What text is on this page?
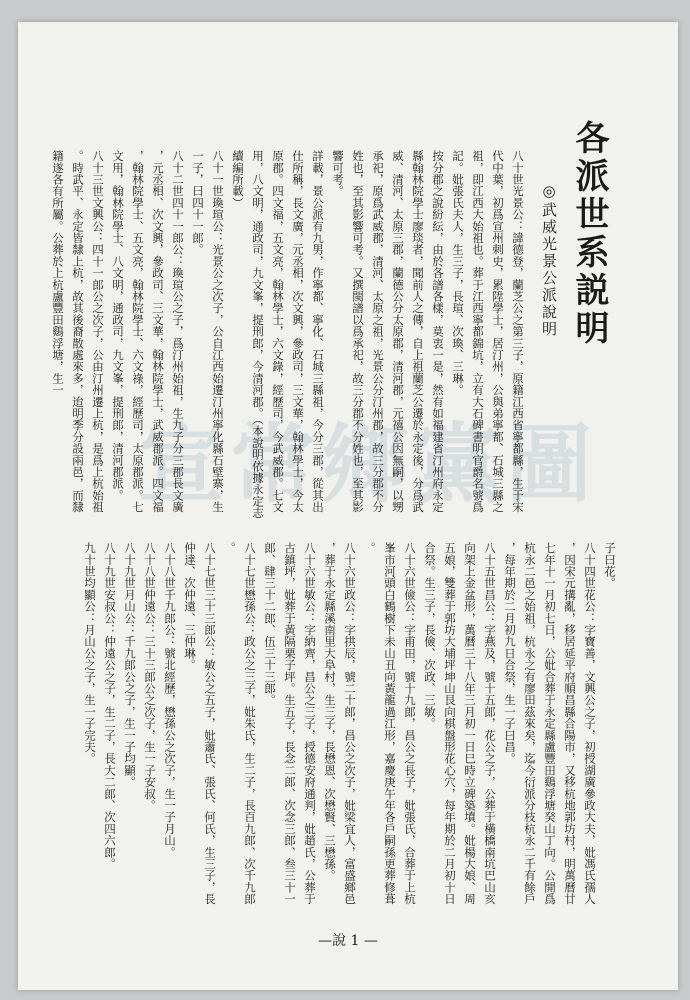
宣常鄉黨圖
各派世系説明
◎武威光景公派說明
八十世光景公：諱德登，蘭芝公之第三子，原籍江西省寧都縣，生于宋代中葉，初爲宣州刺史，累陞學士，居汀州，公與弟寧都、石城三縣之祖，即江西大始祖也。葬于江西寧都錦坑，立有大石碑書明官爵名號爲記。妣張氏夫人，生三子，長瑄、次瑍、三琳。
按分郡之說紛紜，由於各譜各樣，莫衷一是，然有如福建省汀州府永定縣翰林院學士廖琰者，聞前人之傳，自上祖蘭芝公遷於永定後，分爲武威、清河、太原三郡，蘭德公分太原郡，清河郡，元禧公因無嗣，以甥承祀，原爲武威郡，清河、太原之祖，光景公分汀州郡，故三分郡不分姓也，至其影響可考。又撰閩譜以爲承祀，故三分郡不分姓也，至其影響可考。
詳載，景公派有九男，作寧都、寧化、石城三縣祖，今分三郡，從其出仕所稱，長文廣，元丞相，次文興，參政司，三文華，翰林學士，今太原郡。四文福，五文亮，翰林學士，六文錄，經歷司，今武威郡。七文用，八文明，通政司，九文峯，提刑郎，今清河郡。（本說明依據永定志續編所載）
八十一世瑍瑄公：光景公之次子，公自江西始遷汀州寧化縣石壁寨，生一子，曰四十一郎。
八十二世四十一郎公：瑍瑄公之子，爲汀州始祖，生九子分三郡長文廣，元丞相、次文興，參政司、三文華，翰林院學士，武威郡派。四文福，翰林院學士、五文亮，翰林院學士、六文祿，經歷司，太原郡派。七文用，翰林院學士、八文明，通政司，九文峯，提刑郎，清河郡派。
八十三世文興公：四十一郎公之次子，公由汀州遷上杭，是爲上杭始祖。時武平、永定皆隸上杭，故其後裔散處來多，迨明季分設兩邑，而隸籍遂各有所屬。公葬於上杭盧豐田鷄浮塘，生一
子曰花。
八十四世花公：字寶善，文興公之子，初授湖廣參政大夫，妣馮氏孺人，因宋元搆亂，移居延平府順昌縣合陽市，又移杭地郭坊村，明萬曆廿七年十一月初七日，公妣合葬于永定縣盧豐田鷄浮塘癸山丁向。公開爲杭永二邑之始祖，杭永之有廖田茲來矣，迄今衍派分枝杭永二千有餘戶，每年期於二月初九日合祭，生一子曰昌。
八十五世昌公：字燕及，號十五郎，花公之子，公葬于橫橋南坑巴山亥向架上金盆形，萬曆三十八年三月初一日巳時立碑築墳。妣楊大娘、周五娘，雙葬于郭坊大埔坪坤山艮向棋盤形花心穴，每年期於二月初十日合祭。生三子，長儉、次政、三敏。
八十六世儉公：字甫田，號十九郎，昌公之長子，妣張氏，合葬于上杭峯市河頭白鶴樹下未山丑向黃龍過江形，嘉慶庚午年各戶嗣孫更葬修葺。
八十六世政公：字拱辰，號二十郎，昌公之次子，妣梁宜人，富盛鄉邑，葬于永定縣溪南里大阜村，生三子，長懋恩、次懋賢、三懋孫。
八十六世敏公：字納齊，昌公之三子，授德安府通判，妣趙氏，公葬于古鎮坪，妣葬于黃隔栗子坪。生五子，長念二郎、次念三郎、叁三十一郎、肆三十二郎、伍三十三郎。
八十七世懋孫公：政公之三子，妣朱氏，生二子，長百九郎、次千九郎。
八十七世三十三郎公：敏公之五子，妣蕭氏、張氏、何氏，生三子，長仲達、次仲遠、三仲琳。
八十八世千九郎公：號北經歷，懋孫公之次子，生一子月山。
八十八世仲遠公：三十三郎公之次子，生一子安叔。
八十九世月山公：千九郎公之子，生一子均顯。
八十九世安叔公：仲遠公之子，生二子，長大二郎、次四六郎。
九十世均顯公：月山公之子，生一子完夫。
—說 1 —
